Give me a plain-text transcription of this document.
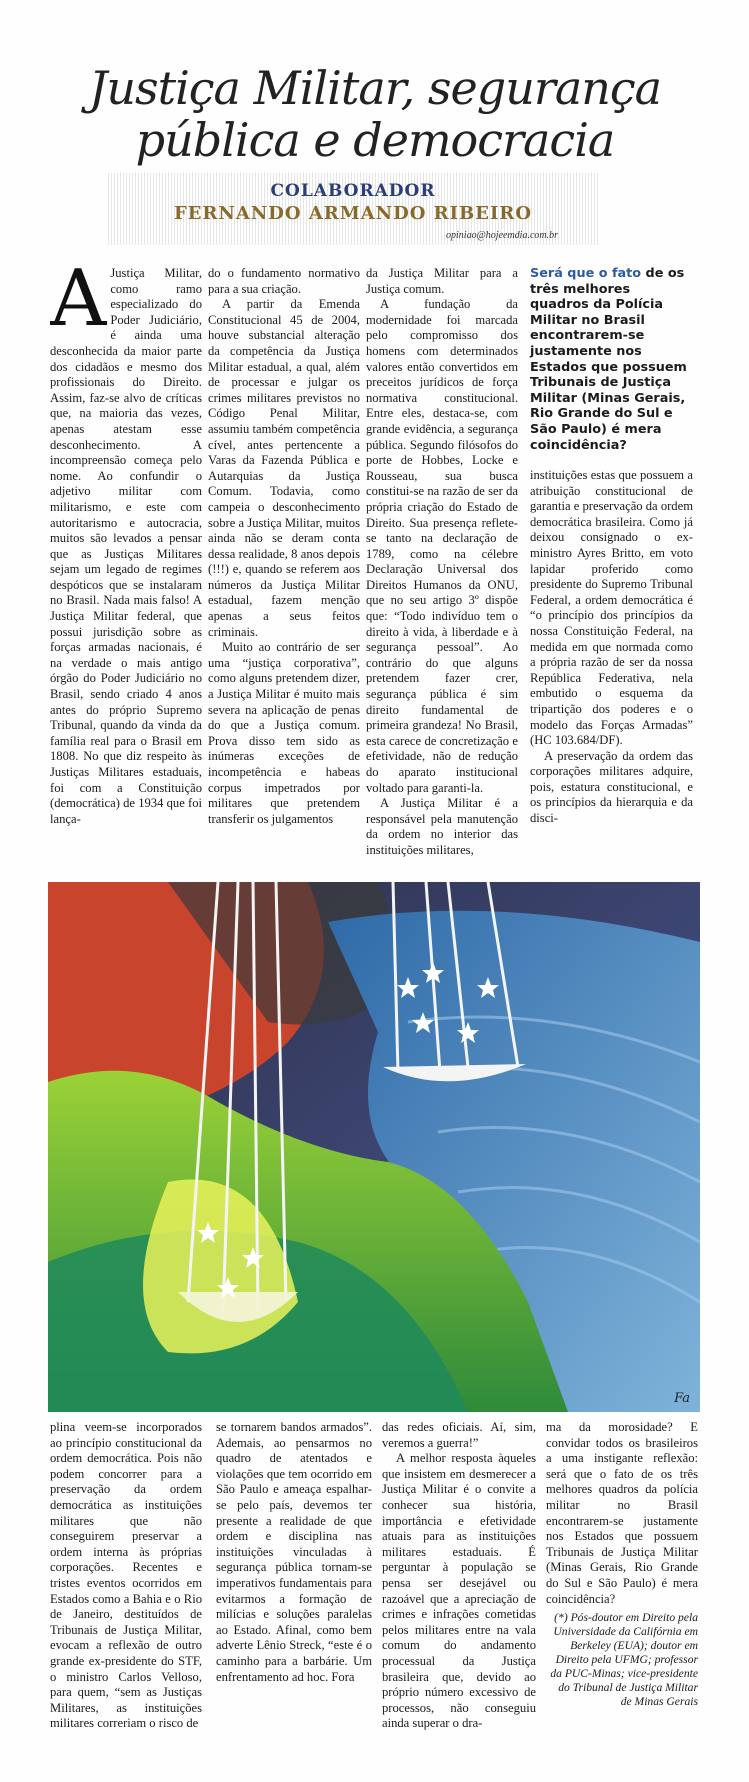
Justiça Militar, segurança
pública e democracia
COLABORADOR
FERNANDO ARMANDO RIBEIRO
opiniao@hojeemdia.com.br
A Justiça Militar, como ramo especializado do Poder Judiciário, é ainda uma desconhecida da maior parte dos cidadãos e mesmo dos profissionais do Direito. Assim, faz-se alvo de críticas que, na maioria das vezes, apenas atestam esse desconhecimento. A incompreensão começa pelo nome. Ao confundir o adjetivo militar com militarismo, e este com autoritarismo e autocracia, muitos são levados a pensar que as Justiças Militares sejam um legado de regimes despóticos que se instalaram no Brasil. Nada mais falso! A Justiça Militar federal, que possui jurisdição sobre as forças armadas nacionais, é na verdade o mais antigo órgão do Poder Judiciário no Brasil, sendo criado 4 anos antes do próprio Supremo Tribunal, quando da vinda da família real para o Brasil em 1808. No que diz respeito às Justiças Militares estaduais, foi com a Constituição (democrática) de 1934 que foi lança-

do o fundamento normativo para a sua criação.

A partir da Emenda Constitucional 45 de 2004, houve substancial alteração da competência da Justiça Militar estadual, a qual, além de processar e julgar os crimes militares previstos no Código Penal Militar, assumiu também competência cível, antes pertencente a Varas da Fazenda Pública e Autarquias da Justiça Comum. Todavia, como campeia o desconhecimento sobre a Justiça Militar, muitos ainda não se deram conta dessa realidade, 8 anos depois (!!!) e, quando se referem aos números da Justiça Militar estadual, fazem menção apenas a seus feitos criminais.

Muito ao contrário de ser uma “justiça corporativa”, como alguns pretendem dizer, a Justiça Militar é muito mais severa na aplicação de penas do que a Justiça comum. Prova disso tem sido as inúmeras exceções de incompetência e habeas corpus impetrados por militares que pretendem transferir os julgamentos

da Justiça Militar para a Justiça comum.

A fundação da modernidade foi marcada pelo compromisso dos homens com determinados valores então convertidos em preceitos jurídicos de força normativa constitucional. Entre eles, destaca-se, com grande evidência, a segurança pública. Segundo filósofos do porte de Hobbes, Locke e Rousseau, sua busca constitui-se na razão de ser da própria criação do Estado de Direito. Sua presença reflete-se tanto na declaração de 1789, como na célebre Declaração Universal dos Direitos Humanos da ONU, que no seu artigo 3º dispõe que: “Todo indivíduo tem o direito à vida, à liberdade e à segurança pessoal”. Ao contrário do que alguns pretendem fazer crer, segurança pública é sim direito fundamental de primeira grandeza! No Brasil, esta carece de concretização e efetividade, não de redução do aparato institucional voltado para garanti-la.

A Justiça Militar é a responsável pela manutenção da ordem no interior das instituições militares,

Será que o fato de os três melhores quadros da Polícia Militar no Brasil encontrarem-se justamente nos Estados que possuem Tribunais de Justiça Militar (Minas Gerais, Rio Grande do Sul e São Paulo) é mera coincidência?

instituições estas que possuem a atribuição constitucional de garantia e preservação da ordem democrática brasileira. Como já deixou consignado o ex-ministro Ayres Britto, em voto lapidar proferido como presidente do Supremo Tribunal Federal, a ordem democrática é “o princípio dos princípios da nossa Constituição Federal, na medida em que normada como a própria razão de ser da nossa República Federativa, nela embutido o esquema da tripartição dos poderes e o modelo das Forças Armadas” (HC 103.684/DF).

A preservação da ordem das corporações militares adquire, pois, estatura constitucional, e os princípios da hierarquia e da disci-

Fa

plina veem-se incorporados ao princípio constitucional da ordem democrática. Pois não podem concorrer para a preservação da ordem democrática as instituições militares que não conseguirem preservar a ordem interna às próprias corporações. Recentes e tristes eventos ocorridos em Estados como a Bahia e o Rio de Janeiro, destituídos de Tribunais de Justiça Militar, evocam a reflexão de outro grande ex-presidente do STF, o ministro Carlos Velloso, para quem, “sem as Justiças Militares, as instituições militares correriam o risco de

se tornarem bandos armados”. Ademais, ao pensarmos no quadro de atentados e violações que tem ocorrido em São Paulo e ameaça espalhar-se pelo país, devemos ter presente a realidade de que ordem e disciplina nas instituições vinculadas à segurança pública tornam-se imperativos fundamentais para evitarmos a formação de milícias e soluções paralelas ao Estado. Afinal, como bem adverte Lênio Streck, “este é o caminho para a barbárie. Um enfrentamento ad hoc. Fora

das redes oficiais. Aí, sim, veremos a guerra!”

A melhor resposta àqueles que insistem em desmerecer a Justiça Militar é o convite a conhecer sua história, importância e efetividade atuais para as instituições militares estaduais. É perguntar à população se pensa ser desejável ou razoável que a apreciação de crimes e infrações cometidas pelos militares entre na vala comum do andamento processual da Justiça brasileira que, devido ao próprio número excessivo de processos, não conseguiu ainda superar o dra-

ma da morosidade? E convidar todos os brasileiros a uma instigante reflexão: será que o fato de os três melhores quadros da polícia militar no Brasil encontrarem-se justamente nos Estados que possuem Tribunais de Justiça Militar (Minas Gerais, Rio Grande do Sul e São Paulo) é mera coincidência?

(*) Pós-doutor em Direito pela Universidade da Califórnia em Berkeley (EUA); doutor em Direito pela UFMG; professor da PUC-Minas; vice-presidente do Tribunal de Justiça Militar de Minas Gerais
